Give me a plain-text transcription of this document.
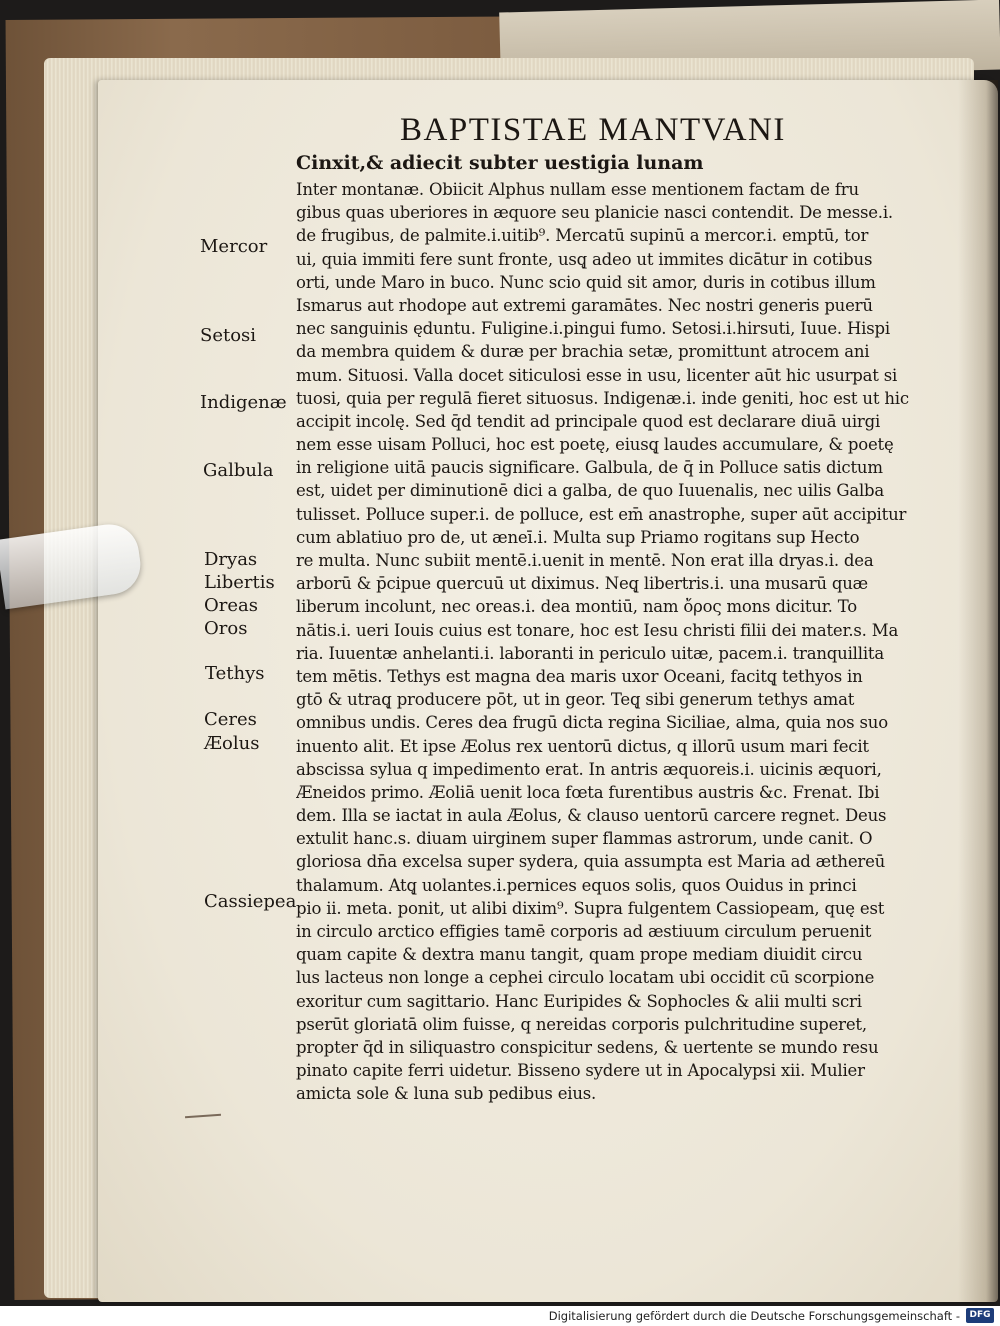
BAPTISTAE MANTVANI
Cinxit,& adiecit subter uestigia lunam
Inter montanæ. Obiicit Alphus nullam esse mentionem factam de fru
gibus quas uberiores in æquore seu planicie nasci contendit. De messe.i.
de frugibus, de palmite.i.uitib⁹. Mercatū supinū a mercor.i. emptū, tor
ui, quia immiti fere sunt fronte, usq̨ adeo ut immites dicātur in cotibus
orti, unde Maro in buco. Nunc scio quid sit amor, duris in cotibus illum
Ismarus aut rhodope aut extremi garamātes. Nec nostri generis puerū
nec sanguinis ęduntu. Fuligine.i.pingui fumo. Setosi.i.hirsuti, Iuue. Hispi
da membra quidem & duræ per brachia setæ, promittunt atrocem ani
mum. Situosi. Valla docet siticulosi esse in usu, licenter aūt hic usurpat si
tuosi, quia per regulā fieret situosus. Indigenæ.i. inde geniti, hoc est ut hic
accipit incolę. Sed q̄d tendit ad principale quod est declarare diuā uirgi
nem esse uisam Polluci, hoc est poetę, eiusq̨ laudes accumulare, & poetę
in religione uitā paucis significare. Galbula, de q̄ in Polluce satis dictum
est, uidet per diminutionē dici a galba, de quo Iuuenalis, nec uilis Galba
tulisset. Polluce super.i. de polluce, est em̄ anastrophe, super aūt accipitur
cum ablatiuo pro de, ut æneī.i. Multa sup Priamo rogitans sup Hecto
re multa. Nunc subiit mentē.i.uenit in mentē. Non erat illa dryas.i. dea
arborū & p̄cipue quercuū ut diximus. Neq̨ libertris.i. una musarū quæ
liberum incolunt, nec oreas.i. dea montiū, nam ὄρος mons dicitur. To
nātis.i. ueri Iouis cuius est tonare, hoc est Iesu christi filii dei mater.s. Ma
ria. Iuuentæ anhelanti.i. laboranti in periculo uitæ, pacem.i. tranquillita
tem mētis. Tethys est magna dea maris uxor Oceani, facitq̨ tethyos in
gtō & utraq̨ producere pōt, ut in geor. Teq̨ sibi generum tethys amat
omnibus undis. Ceres dea frugū dicta regina Siciliae, alma, quia nos suo
inuento alit. Et ipse Æolus rex uentorū dictus, q illorū usum mari fecit
abscissa sylua q impedimento erat. In antris æquoreis.i. uicinis æquori,
Æneidos primo. Æoliā uenit loca fœta furentibus austris &c. Frenat. Ibi
dem. Illa se iactat in aula Æolus, & clauso uentorū carcere regnet. Deus
extulit hanc.s. diuam uirginem super flammas astrorum, unde canit. O
gloriosa dn̄a excelsa super sydera, quia assumpta est Maria ad æthereū
thalamum. Atq̨ uolantes.i.pernices equos solis, quos Ouidus in princi
pio ii. meta. ponit, ut alibi dixim⁹. Supra fulgentem Cassiopeam, quę est
in circulo arctico effigies tamē corporis ad æstiuum circulum peruenit
quam capite & dextra manu tangit, quam prope mediam diuidit circu
lus lacteus non longe a cephei circulo locatam ubi occidit cū scorpione
exoritur cum sagittario. Hanc Euripides & Sophocles & alii multi scri
pserūt gloriatā olim fuisse, q nereidas corporis pulchritudine superet,
propter q̄d in siliquastro conspicitur sedens, & uertente se mundo resu
pinato capite ferri uidetur. Bisseno sydere ut in Apocalypsi xii. Mulier
amicta sole & luna sub pedibus eius.
Mercor
Setosi
Indigenæ
Galbula
Dryas
Libertis
Oreas
Oros
Tethys
Ceres
Æolus
Cassiepea
Digitalisierung gefördert durch die Deutsche Forschungsgemeinschaft -	DFG
